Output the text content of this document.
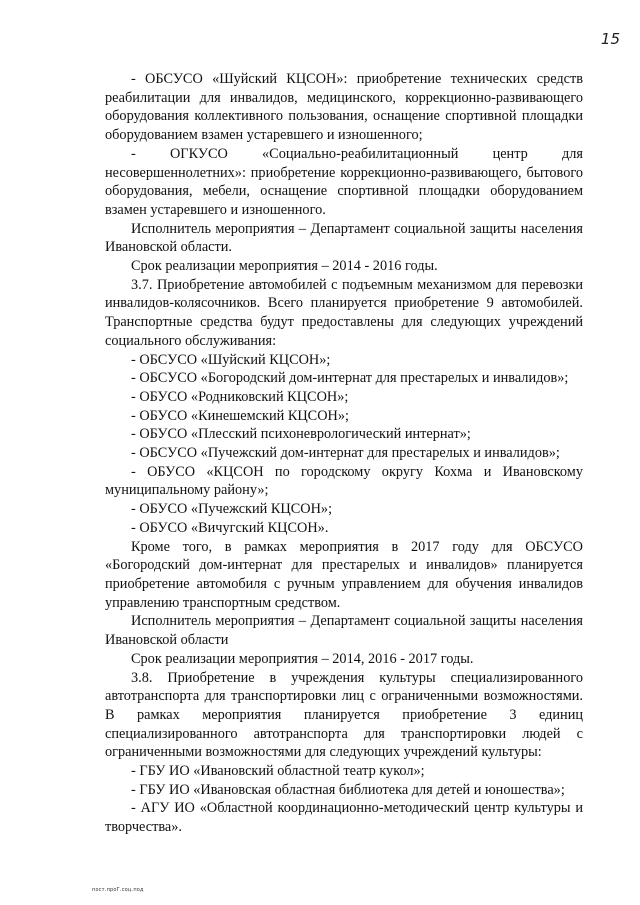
15

- ОБСУСО «Шуйский КЦСОН»: приобретение технических средств реабилитации для инвалидов, медицинского, коррекционно-развивающего оборудования коллективного пользования, оснащение спортивной площадки оборудованием взамен устаревшего и изношенного;

- ОГКУСО «Социально-реабилитационный центр для несовершеннолетних»: приобретение коррекционно-развивающего, бытового оборудования, мебели, оснащение спортивной площадки оборудованием взамен устаревшего и изношенного.

Исполнитель мероприятия – Департамент социальной защиты населения Ивановской области.

Срок реализации мероприятия – 2014 - 2016 годы.

3.7. Приобретение автомобилей с подъемным механизмом для перевозки инвалидов-колясочников. Всего планируется приобретение 9 автомобилей. Транспортные средства будут предоставлены для следующих учреждений социального обслуживания:

- ОБСУСО «Шуйский КЦСОН»;

- ОБСУСО «Богородский дом-интернат для престарелых и инвалидов»;

- ОБУСО «Родниковский КЦСОН»;

- ОБУСО «Кинешемский КЦСОН»;

- ОБУСО «Плесский психоневрологический интернат»;

- ОБСУСО «Пучежский дом-интернат для престарелых и инвалидов»;

- ОБУСО «КЦСОН по городскому округу Кохма и Ивановскому муниципальному району»;

- ОБУСО «Пучежский КЦСОН»;

- ОБУСО «Вичугский КЦСОН».

Кроме того, в рамках мероприятия в 2017 году для ОБСУСО «Богородский дом-интернат для престарелых и инвалидов» планируется приобретение автомобиля с ручным управлением для обучения инвалидов управлению транспортным средством.

Исполнитель мероприятия – Департамент социальной защиты населения Ивановской области

Срок реализации мероприятия – 2014, 2016 - 2017 годы.

3.8. Приобретение в учреждения культуры специализированного автотранспорта для транспортировки лиц с ограниченными возможностями. В рамках мероприятия планируется приобретение 3 единиц специализированного автотранспорта для транспортировки людей с ограниченными возможностями для следующих учреждений культуры:

- ГБУ ИО «Ивановский областной театр кукол»;

- ГБУ ИО «Ивановская областная библиотека для детей и юношества»;

- АГУ ИО «Областной координационно-методический центр культуры и творчества».

пост.проГ.соц.под
